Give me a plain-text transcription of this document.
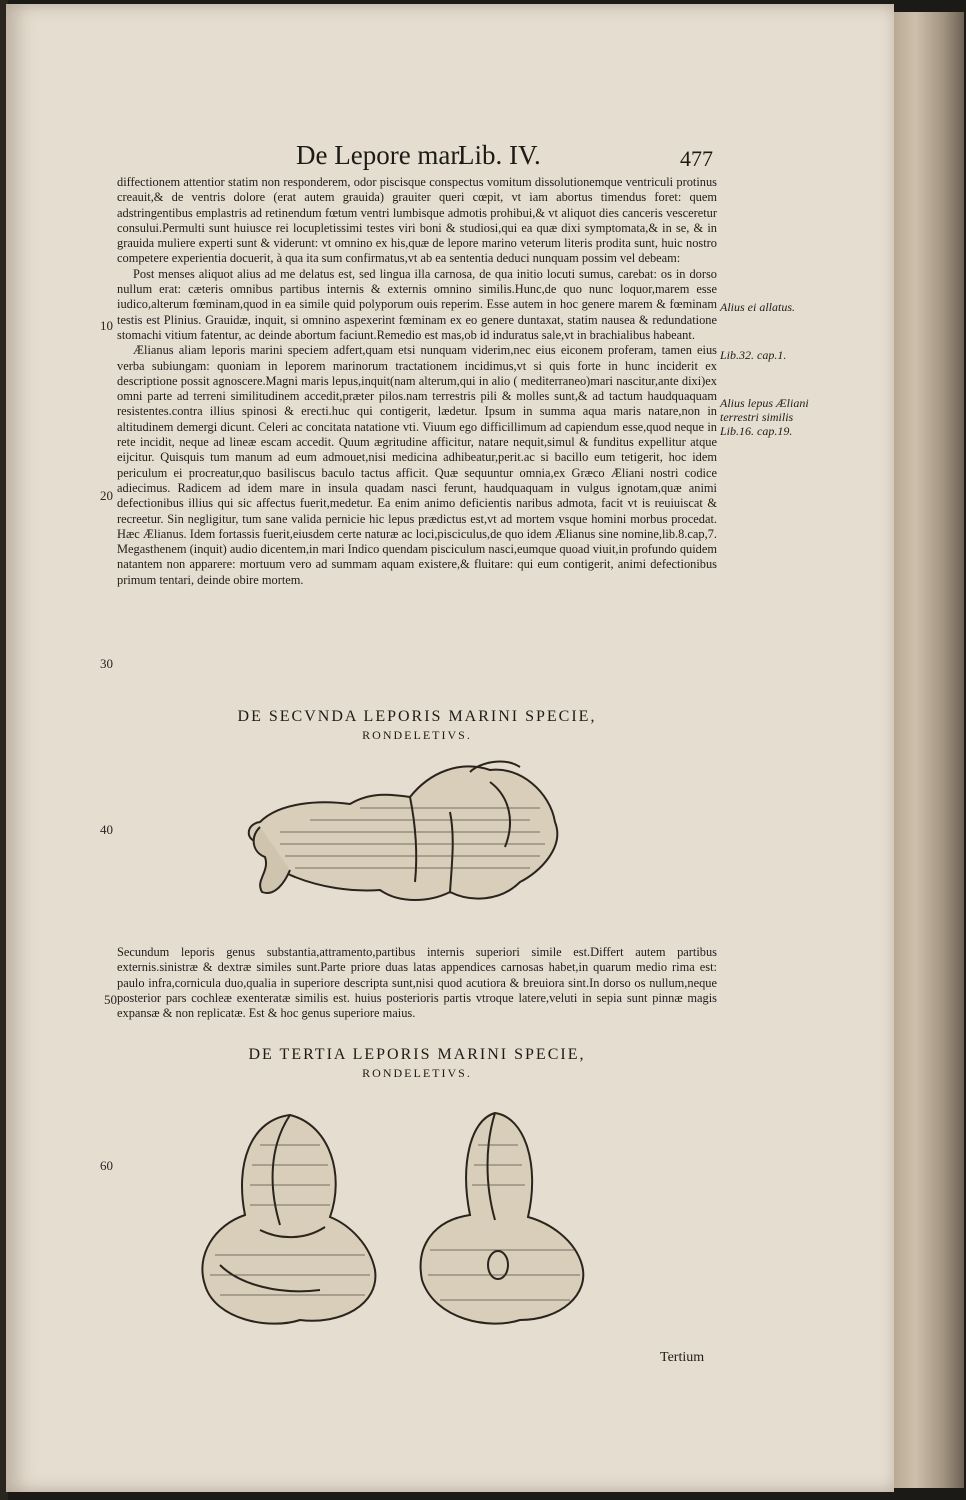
De Lepore mar.
Lib. IV.	477

diffectionem attentior statim non responderem, odor piscisque conspectus vomitum dissolutionemque ventriculi protinus creauit,& de ventris dolore (erat autem grauida) grauiter queri cœpit, vt iam abortus timendus foret: quem adstringentibus emplastris ad retinendum fœtum ventri lumbisque admotis prohibui,& vt aliquot dies canceris vesceretur consului.Permulti sunt huiusce rei locupletissimi testes viri boni & studiosi,qui ea quæ dixi symptomata,& in se, & in grauida muliere experti sunt & viderunt: vt omnino ex his,quæ de lepore marino veterum literis prodita sunt, huic nostro competere experientia docuerit, à qua ita sum confirmatus,vt ab ea sententia deduci nunquam possim vel debeam:

Post menses aliquot alius ad me delatus est, sed lingua illa carnosa, de qua initio locuti sumus, carebat: os in dorso nullum erat: cæteris omnibus partibus internis & externis omnino similis.Hunc,de quo nunc loquor,marem esse iudico,alterum fœminam,quod in ea simile quid polyporum ouis reperim. Esse autem in hoc genere marem & fœminam testis est Plinius. Grauidæ, inquit, si omnino aspexerint fœminam ex eo genere duntaxat, statim nausea & redundatione stomachi vitium fatentur, ac deinde abortum faciunt.Remedio est mas,ob id induratus sale,vt in brachialibus habeant.

Ælianus aliam leporis marini speciem adfert,quam etsi nunquam viderim,nec eius eiconem proferam, tamen eius verba subiungam: quoniam in leporem marinorum tractationem incidimus,vt si quis forte in hunc inciderit ex descriptione possit agnoscere.Magni maris lepus,inquit(nam alterum,qui in alio ( mediterraneo)mari nascitur,ante dixi)ex omni parte ad terreni similitudinem accedit,præter pilos.nam terrestris pili & molles sunt,& ad tactum haudquaquam resistentes.contra illius spinosi & erecti.huc qui contigerit, lædetur. Ipsum in summa aqua maris natare,non in altitudinem demergi dicunt. Celeri ac concitata natatione vti. Viuum ego difficillimum ad capiendum esse,quod neque in rete incidit, neque ad lineæ escam accedit. Quum ægritudine afficitur, natare nequit,simul & funditus expellitur atque eijcitur. Quisquis tum manum ad eum admouet,nisi medicina adhibeatur,perit.ac si bacillo eum tetigerit, hoc idem periculum ei procreatur,quo basiliscus baculo tactus afficit. Quæ sequuntur omnia,ex Græco Æliani nostri codice adiecimus. Radicem ad idem mare in insula quadam nasci ferunt, haudquaquam in vulgus ignotam,quæ animi defectionibus illius qui sic affectus fuerit,medetur. Ea enim animo deficientis naribus admota, facit vt is reuiuiscat & recreetur. Sin negligitur, tum sane valida pernicie hic lepus prædictus est,vt ad mortem vsque homini morbus procedat. Hæc Ælianus. Idem fortassis fuerit,eiusdem certe naturæ ac loci,pisciculus,de quo idem Ælianus sine nomine,lib.8.cap,7. Megasthenem (inquit) audio dicentem,in mari Indico quendam pisciculum nasci,eumque quoad viuit,in profundo quidem natantem non apparere: mortuum vero ad summam aquam existere,& fluitare: qui eum contigerit, animi defectionibus primum tentari, deinde obire mortem.

Alius ei allatus.
Lib.32. cap.1.
Alius lepus Æliani terrestri similis Lib.16. cap.19.
10
20
30
40
50
60
DE SECVNDA LEPORIS MARINI SPECIE,
RONDELETIVS.
Secundum leporis genus substantia,attramento,partibus internis superiori simile est.Differt autem partibus externis.sinistræ & dextræ similes sunt.Parte priore duas latas appendices carnosas habet,in quarum medio rima est: paulo infra,cornicula duo,qualia in superiore descripta sunt,nisi quod acutiora & breuiora sint.In dorso os nullum,neque posterior pars cochleæ exenteratæ similis est. huius posterioris partis vtroque latere,veluti in sepia sunt pinnæ magis expansæ & non replicatæ. Est & hoc genus superiore maius.
DE TERTIA LEPORIS MARINI SPECIE,
RONDELETIVS.
Tertium
